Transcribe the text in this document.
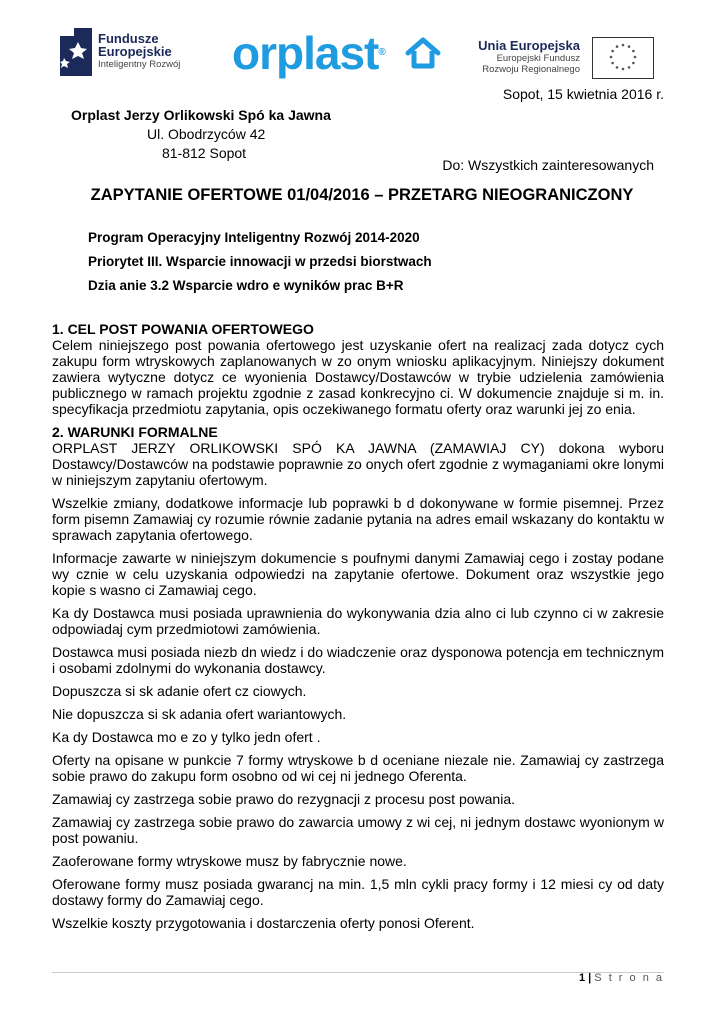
Fundusze
Europejskie
Inteligentny Rozwój orplast®	Unia Europejska
Europejski Fundusz
Rozwoju Regionalnego
Sopot, 15 kwietnia 2016 r.
Orplast Jerzy Orlikowski Spó ka Jawna
Ul. Obodrzyców 42
81-812 Sopot
Do: Wszystkich zainteresowanych
ZAPYTANIE OFERTOWE 01/04/2016 – PRZETARG NIEOGRANICZONY
Program Operacyjny Inteligentny Rozwój 2014-2020
Priorytet III. Wsparcie innowacji w przedsi biorstwach
Dzia anie 3.2 Wsparcie wdro e wyników prac B+R
1. CEL POST POWANIA OFERTOWEGO

Celem niniejszego post powania ofertowego jest uzyskanie ofert na realizacj zada dotycz cych zakupu form wtryskowych zaplanowanych w zo onym wniosku aplikacyjnym. Niniejszy dokument zawiera wytyczne dotycz ce wyonienia Dostawcy/Dostawców w trybie udzielenia zamówienia publicznego w ramach projektu zgodnie z zasad konkrecyjno ci. W dokumencie znajduje si m. in. specyfikacja przedmiotu zapytania, opis oczekiwanego formatu oferty oraz warunki jej zo enia.

2. WARUNKI FORMALNE

ORPLAST JERZY ORLIKOWSKI SPÓ KA JAWNA (ZAMAWIAJ CY) dokona wyboru Dostawcy/Dostawców na podstawie poprawnie zo onych ofert zgodnie z wymaganiami okre lonymi w niniejszym zapytaniu ofertowym.

Wszelkie zmiany, dodatkowe informacje lub poprawki b d dokonywane w formie pisemnej. Przez form pisemn Zamawiaj cy rozumie równie zadanie pytania na adres email wskazany do kontaktu w sprawach zapytania ofertowego.

Informacje zawarte w niniejszym dokumencie s poufnymi danymi Zamawiaj cego i zostay podane wy cznie w celu uzyskania odpowiedzi na zapytanie ofertowe. Dokument oraz wszystkie jego kopie s wasno ci Zamawiaj cego.

Ka dy Dostawca musi posiada uprawnienia do wykonywania dzia alno ci lub czynno ci w zakresie odpowiadaj cym przedmiotowi zamówienia.

Dostawca musi posiada niezb dn wiedz i do wiadczenie oraz dysponowa potencja em technicznym i osobami zdolnymi do wykonania dostawcy.

Dopuszcza si sk adanie ofert cz ciowych.

Nie dopuszcza si sk adania ofert wariantowych.

Ka dy Dostawca mo e zo y tylko jedn ofert .

Oferty na opisane w punkcie 7 formy wtryskowe b d oceniane niezale nie. Zamawiaj cy zastrzega sobie prawo do zakupu form osobno od wi cej ni jednego Oferenta.

Zamawiaj cy zastrzega sobie prawo do rezygnacji z procesu post powania.

Zamawiaj cy zastrzega sobie prawo do zawarcia umowy z wi cej, ni jednym dostawc wyonionym w post powaniu.

Zaoferowane formy wtryskowe musz by fabrycznie nowe.

Oferowane formy musz posiada gwarancj na min. 1,5 mln cykli pracy formy i 12 miesi cy od daty dostawy formy do Zamawiaj cego.

Wszelkie koszty przygotowania i dostarczenia oferty ponosi Oferent.

1 | S t r o n a
